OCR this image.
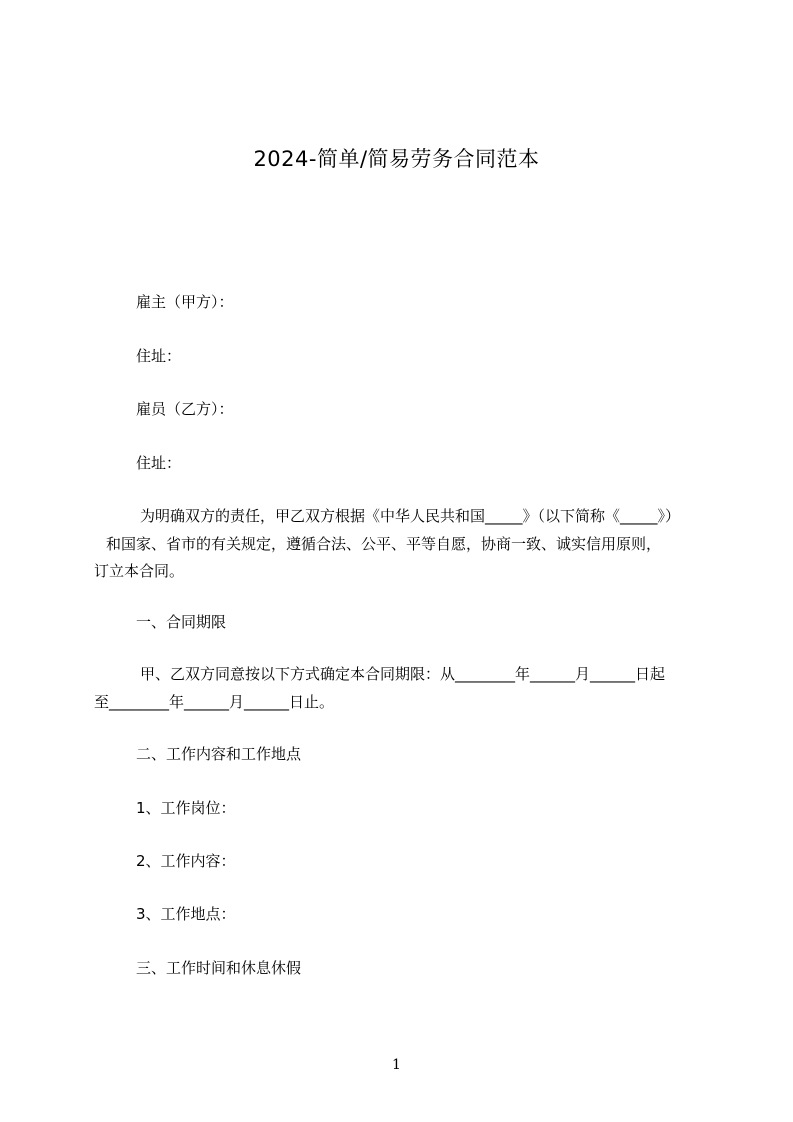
2024-简单/简易劳务合同范本
雇主（甲方）：
住址：
雇员（乙方）：
住址：
为明确双方的责任，甲乙双方根据《中华人民共和国_____》（以下简称《_____》）
和国家、省市的有关规定，遵循合法、公平、平等自愿，协商一致、诚实信用原则，
订立本合同。
一、合同期限
甲、乙双方同意按以下方式确定本合同期限：从________年______月______日起
至________年______月______日止。
二、工作内容和工作地点
1、工作岗位：
2、工作内容：
3、工作地点：
三、工作时间和休息休假
1
